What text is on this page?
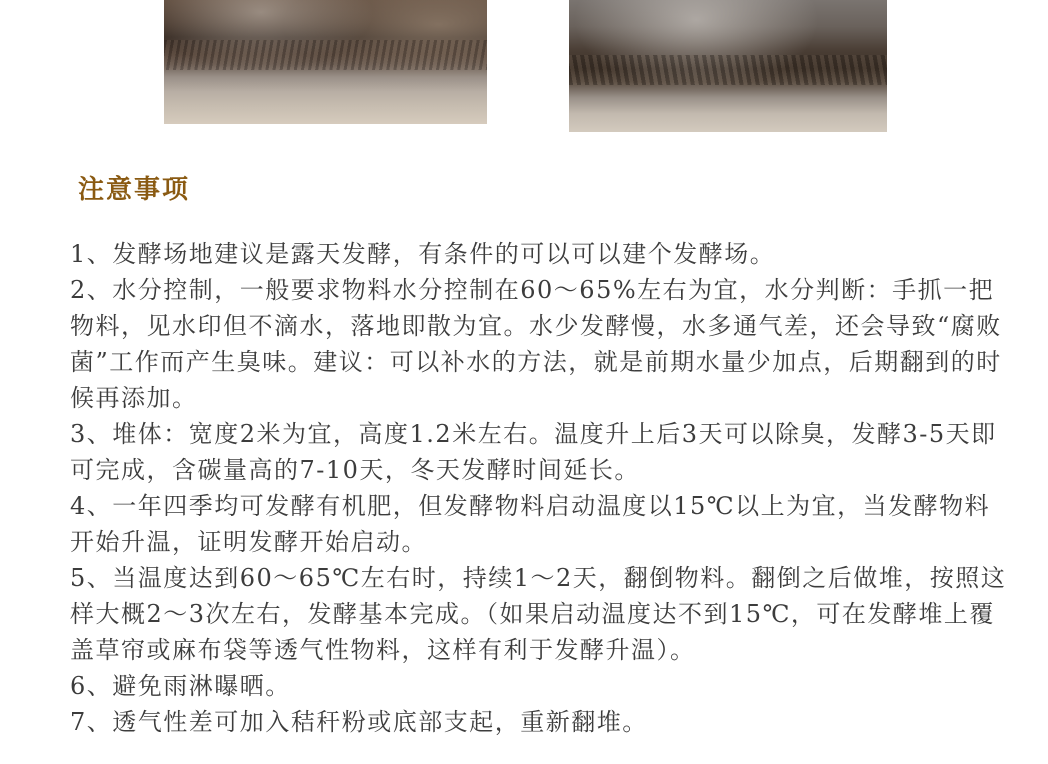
注意事项

1、发酵场地建议是露天发酵，有条件的可以可以建个发酵场。

2、水分控制，一般要求物料水分控制在60～65%左右为宜，水分判断：手抓一把物料，见水印但不滴水，落地即散为宜。水少发酵慢，水多通气差，还会导致“腐败菌”工作而产生臭味。建议：可以补水的方法，就是前期水量少加点，后期翻到的时候再添加。

3、堆体：宽度2米为宜，高度1.2米左右。温度升上后3天可以除臭，发酵3-5天即可完成，含碳量高的7-10天，冬天发酵时间延长。

4、一年四季均可发酵有机肥，但发酵物料启动温度以15℃以上为宜，当发酵物料开始升温，证明发酵开始启动。

5、当温度达到60～65℃左右时，持续1～2天，翻倒物料。翻倒之后做堆，按照这样大概2～3次左右，发酵基本完成。（如果启动温度达不到15℃，可在发酵堆上覆盖草帘或麻布袋等透气性物料，这样有利于发酵升温）。

6、避免雨淋曝晒。

7、透气性差可加入秸秆粉或底部支起，重新翻堆。
